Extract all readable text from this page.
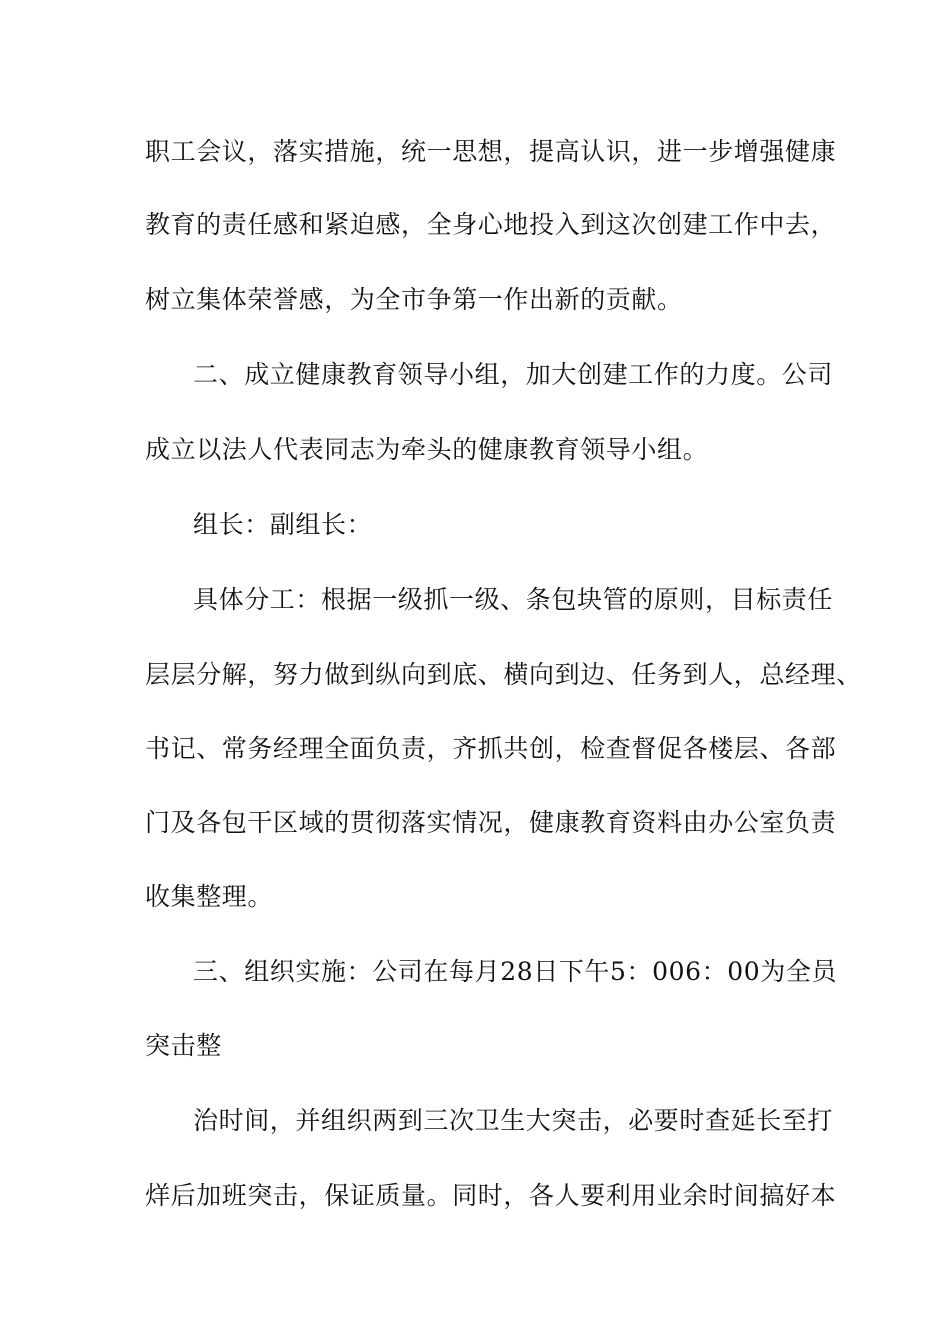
职工会议，落实措施，统一思想，提高认识，进一步增强健康

教育的责任感和紧迫感，全身心地投入到这次创建工作中去，

树立集体荣誉感，为全市争第一作出新的贡献。

二、成立健康教育领导小组，加大创建工作的力度。公司

成立以法人代表同志为牵头的健康教育领导小组。

组长：副组长：

具体分工：根据一级抓一级、条包块管的原则，目标责任

层层分解，努力做到纵向到底、横向到边、任务到人，总经理、

书记、常务经理全面负责，齐抓共创，检查督促各楼层、各部

门及各包干区域的贯彻落实情况，健康教育资料由办公室负责

收集整理。

三、组织实施：公司在每月28日下午5：006：00为全员

突击整

治时间，并组织两到三次卫生大突击，必要时查延长至打

烊后加班突击，保证质量。同时，各人要利用业余时间搞好本
